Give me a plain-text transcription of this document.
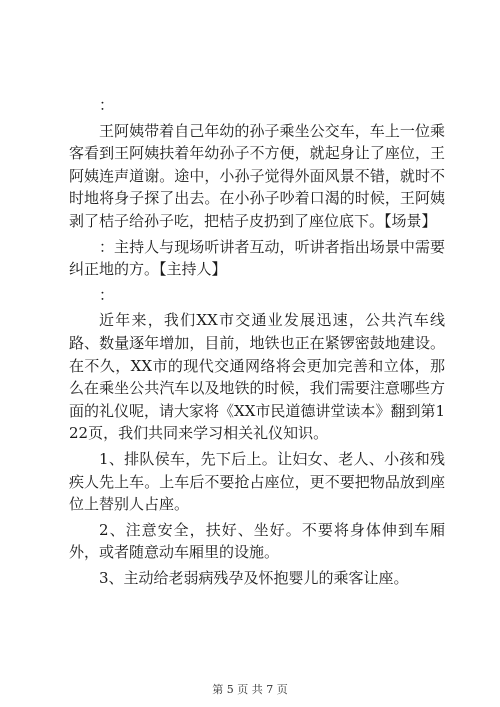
：

王阿姨带着自己年幼的孙子乘坐公交车，车上一位乘客看到王阿姨扶着年幼孙子不方便，就起身让了座位，王阿姨连声道谢。途中，小孙子觉得外面风景不错，就时不时地将身子探了出去。在小孙子吵着口渴的时候，王阿姨剥了桔子给孙子吃，把桔子皮扔到了座位底下。【场景】

：主持人与现场听讲者互动，听讲者指出场景中需要纠正地的方。【主持人】

：

近年来，我们XX市交通业发展迅速，公共汽车线路、数量逐年增加，目前，地铁也正在紧锣密鼓地建设。在不久，XX市的现代交通网络将会更加完善和立体，那么在乘坐公共汽车以及地铁的时候，我们需要注意哪些方面的礼仪呢，请大家将《XX市民道德讲堂读本》翻到第122页，我们共同来学习相关礼仪知识。

1、排队侯车，先下后上。让妇女、老人、小孩和残疾人先上车。上车后不要抢占座位，更不要把物品放到座位上替别人占座。

2、注意安全，扶好、坐好。不要将身体伸到车厢外，或者随意动车厢里的设施。

3、主动给老弱病残孕及怀抱婴儿的乘客让座。

第 5 页 共 7 页
